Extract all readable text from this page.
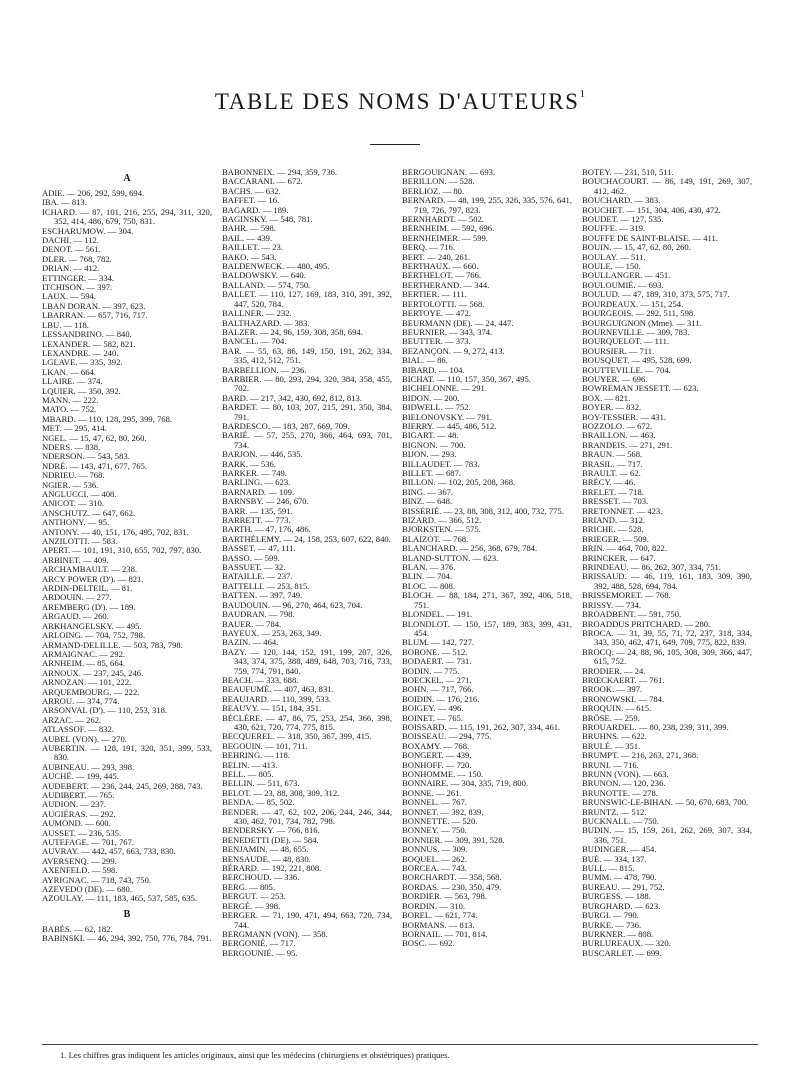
TABLE DES NOMS D'AUTEURS$^1$
A
ADIE. — 206, 292, 599, 694.
IBA. — 813.
ICHARD. — 87, 101, 216, 255, 294, 311, 320, 352, 414, 486, 679, 750, 831.
ESCHARUMOW. — 304.
DACHI. — 112.
DENOT. — 561.
DLER. — 768, 782.
DRIAN. — 412.
ETTINGER. — 334.
ITCHISON. — 397.
LAUX. — 594.
LBAN DORAN. — 397, 623.
LBARRAN. — 657, 716, 717.
LBU. — 118.
LESSANDRINO. — 840.
LEXANDER. — 582, 821.
LEXANDRE. — 240.
LGLAVE. — 335, 392.
LKAN. — 664.
LLAIRE. — 374.
LQUIER. — 350, 392.
MANN. — 222.
MATO. — 752.
MBARD. — 110, 128, 295, 399, 768.
MET. — 295, 414.
NGEL. — 15, 47, 62, 80, 260.
NDERS. — 838.
NDERSON. — 543, 583.
NDRÉ. — 143, 471, 677, 765.
NDRIEU. — 768.
NGIER. — 536.
ANGLUCCI. — 408.
ANICOT. — 310.
ANSCHUTZ. — 647, 662.
ANTHONY. — 95.
ANTONY. — 40, 151, 176, 495, 702, 831.
ANZILOTTI. — 583.
APERT. — 101, 191, 310, 655, 702, 797, 830.
ARBINET. — 409.
ARCHAMBAULT. — 238.
ARCY POWER (D'). — 821.
ARDIN-DELTEIL. — 81.
ARDOUIN. — 277.
AREMBERG (D'). — 189.
ARGAUD. — 260.
ARKHANGELSKY. — 495.
ARLOING. — 704, 752, 798.
ARMAND-DELILLE. — 503, 783, 798.
ARMAIGNAC. — 292.
ARNHEIM. — 85, 664.
ARNOUX. — 237, 245, 246.
ARNOZAN. — 101, 222.
ARQUEMBOURG. — 222.
ARROU. — 374, 774.
ARSONVAL (D'). — 110, 253, 318.
ARZAC. — 262.
ATLASSOF. — 832.
AUBEL (VON). — 270.
AUBERTIN. — 128, 191, 320, 351, 399, 533, 830.
AUBINEAU. — 293, 398.
AUCHÉ. — 199, 445.
AUDEBERT. — 236, 244, 245, 269, 288, 743.
AUDIBERT. — 765.
AUDION. — 237.
AUGIÉRAS. — 292.
AUMOND. — 600.
AUSSET. — 236, 535.
AUTEFAGE. — 701, 767.
AUVRAY. — 442, 457, 663, 733, 830.
AVERSENQ. — 299.
AXENFELD. — 598.
AYRIGNAC. — 718, 743, 750.
AZEVEDO (DE). — 680.
AZOULAY. — 111, 183, 465, 537, 585, 635.
B
BABÈS. — 62, 182.
BABINSKI. — 46, 294, 392, 750, 776, 784, 791.
BABONNEIX. — 294, 359, 736.
BACCARANI. — 672.
BACHS. — 632.
BAFFET. — 16.
BAGARD. — 189.
BAGINSKY. — 548, 781.
BAHR. — 598.
BAIL. — 439.
BAILLET. — 23.
BAKO. — 543.
BALDENWECK. — 480, 495.
BALDOWSKY. — 640.
BALLAND. — 574, 750.
BALLET. — 110, 127, 169, 183, 310, 391, 392, 447, 520, 784.
BALLNER. — 232.
BALTHAZARD. — 383.
BALZER. — 24, 96, 159, 308, 358, 694.
BANCEL. — 704.
BAR. — 55, 63, 86, 149, 150, 191, 262, 334, 335, 412, 512, 751.
BARBELLION. — 236.
BARBIER. — 80, 293, 294, 320, 384, 358, 455, 702.
BARD. — 217, 342, 430, 692, 812, 813.
BARDET. — 80, 103, 207, 215, 291, 350, 384, 791.
BARDESCO. — 183, 287, 669, 709.
BARIÉ. — 57, 255, 270, 366, 464, 693, 701, 734.
BARJON. — 446, 535.
BARK. — 536.
BARKER. — 749.
BARLING. — 623.
BARNARD. — 109.
BARNSBY. — 246, 670.
BARR. — 135, 591.
BARRETT. — 773.
BARTH. — 47, 176, 486.
BARTHÉLEMY. — 24, 158, 253, 607, 622, 840.
BASSET. — 47, 111.
BASSO. — 599.
BASSUET. — 32.
BATAILLE. — 237.
BATTELLI. — 253, 815.
BATTEN. — 397, 749.
BAUDOUIN. — 96, 270, 464, 623, 704.
BAUDRAN. — 798.
BAUER. — 784.
BAYEUX. — 253, 263, 349.
BAZIN. — 464.
BAZY. — 120, 144, 152, 191, 199, 207, 326, 343, 374, 375, 388, 489, 648, 703, 716, 733, 759, 774, 791, 840.
BEACH. — 333, 688.
BEAUFUMÉ. — 407, 463, 831.
BEAUJARD. — 110, 399, 533.
BEAUVY. — 151, 184, 351.
BÉCLÈRE. — 47, 86, 75, 253, 254, 366, 398, 430, 621, 720, 774, 775, 815.
BECQUEREL. — 318, 350, 367, 399, 415.
BEGOUIN. — 101, 711.
BEHRING. — 118.
BELIN. — 413.
BELL. — 805.
BELLIN. — 511, 673.
BELOT. — 23, 88, 308, 309, 312.
BENDA. — 85, 502.
BENDER. — 47, 62, 102, 206, 244, 246, 344, 430, 462, 701, 734, 782, 798.
BENDERSKY. — 766, 816.
BENEDETTI (DE). — 584.
BENJAMIN. — 48, 655.
BENSAUDE. — 48, 830.
BÉRARD. — 192, 221, 808.
BERCHOUD. — 336.
BERG. — 805.
BERGUT. — 253.
BERGÉ. — 398.
BERGER. — 71, 190, 471, 494, 663, 720, 734, 744.
BERGMANN (VON). — 358.
BERGONIÉ. — 717.
BERGOUNIÉ. — 95.
BERGOUIGNAN. — 693.
BERILLON. — 528.
BERLIOZ. — 80.
BERNARD. — 48, 199, 255, 326, 335, 576, 641, 719, 726, 797, 823.
BERNHARDT. — 502.
BERNHEIM. — 592, 696.
BERNHEIMER. — 599.
BERQ. — 716.
BERT. — 240, 261.
BERTHAUX. — 660.
BERTHELOT. — 766.
BERTHERAND. — 344.
BERTIER. — 111.
BERTOLOTTI. — 568.
BERTOYE. — 472.
BEURMANN (DE). — 24, 447.
BEURNIER. — 343, 374.
BEUTTER. — 373.
BEZANÇON. — 9, 272, 413.
BIAL. — 86.
BIBARD. — 104.
BICHAT. — 110, 157, 350, 367, 495.
BICHELONNE. — 291.
BIDON. — 200.
BIDWELL. — 752.
BIELONOVSKY. — 791.
BIERRY. — 445, 486, 512.
BIGART. — 48.
BIGNON. — 700.
BIJON. — 293.
BILLAUDET. — 783.
BILLET. — 687.
BILLON. — 102, 205, 208, 368.
BING. — 367.
BINZ. — 648.
BISSÉRIÉ. — 23, 88, 308, 312, 400, 732, 775.
BIZARD. — 366, 512.
BJORKSTEN. — 575.
BLAIZOT. — 768.
BLANCHARD. — 256, 368, 679, 784.
BLAND-SUTTON. — 623.
BLAN. — 376.
BLIN. — 704.
BLOC. — 808.
BLOCH. — 88, 184, 271, 367, 392, 406, 518, 751.
BLONDEL. — 191.
BLONDLOT. — 150, 157, 189, 383, 399, 431, 454.
BLUM. — 142, 727.
BOBONE. — 512.
BODAERT. — 731.
BODIN. — 775.
BOECKEL. — 271.
BOHN. — 717, 766.
BOIDIN. — 176, 216.
BOIGEY. — 496.
BOINET. — 765.
BOISSARD. — 115, 191, 262, 307, 334, 461.
BOISSEAU. — 294, 775.
BOXAMY. — 768.
BONGERT. — 439.
BONHOFF. — 720.
BONHOMME. — 150.
BONNAIRE. — 304, 335, 719, 800.
BONNE. — 261.
BONNEL. — 767.
BONNET. — 392, 839.
BONNETTE. — 520.
BONNEY. — 750.
BONNIER. — 309, 391, 528.
BONNUS. — 309.
BOQUEL. — 262.
BORCEA. — 743.
BORCHARDT. — 358, 568.
BORDAS. — 230, 350, 479.
BORDIER. — 563, 798.
BORDIN. — 310.
BOREL. — 621, 774.
BORMANS. — 813.
BORNAIL. — 701, 814.
BOSC. — 692.
BOTEY. — 231, 510, 511.
BOUCHACOURT. — 86, 149, 191, 269, 307, 412, 462.
BOUCHARD. — 383.
BOUCHET. — 151, 304, 406, 430, 472.
BOUDET. — 127, 535.
BOUFFE. — 319.
BOUFFE DE SAINT-BLAISE. — 411.
BOUIN. — 15, 47, 62, 80, 260.
BOULAY. — 511.
BOULE. — 150.
BOULLANGER. — 451.
BOULOUMIÉ. — 693.
BOULUD. — 47, 189, 310, 373, 575, 717.
BOURDEAUX. — 151, 254.
BOURGEOIS. — 292, 511, 598.
BOURGUIGNON (Mme). — 311.
BOURNEVILLE. — 309, 783.
BOURQUELOT. — 111.
BOURSIER. — 711.
BOUSQUET. — 495, 528, 699.
BOUTTEVILLE. — 704.
BOUYER. — 696.
BOWREMAN JESSETT. — 623.
BOX. — 821.
BOYER. — 832.
BOY-TESSIER. — 431.
BOZZOLO. — 672.
BRAILLON. — 463.
BRANDEIS. — 271, 291.
BRAUN. — 568.
BRASIL. — 717.
BRAULT. — 62.
BRÉCY. — 46.
BRELET. — 718.
BRESSET. — 703.
BRETONNET. — 423.
BRIAND. — 312.
BRICHE. — 528.
BRIEGER. — 509.
BRIN. — 464, 700, 822.
BRINCKER. — 647.
BRINDEAU. — 86, 262, 307, 334, 751.
BRISSAUD. — 46, 119, 161, 183, 309, 390, 392, 488, 528, 694, 784.
BRISSEMORET. — 768.
BRISSY. — 734.
BROADBENT. — 591, 750.
BROADDUS PRITCHARD. — 280.
BROCA. — 31, 39, 55, 71, 72, 237, 318, 334, 343, 350, 462, 471, 649, 709, 775, 822, 839.
BROCQ. — 24, 88, 96, 105, 308, 309, 366, 447, 615, 752.
BRODIER. — 24.
BRŒCKAERT. — 761.
BROOK. — 397.
BRONOWSKI. — 784.
BROQUIN. — 615.
BRÖSE. — 259.
BROUARDEL. — 80, 238, 239, 311, 399.
BRUHNS. — 622.
BRULÉ. — 351.
BRUMPT. — 216, 263, 271, 368.
BRUNI. — 716.
BRUNN (VON). — 663.
BRUNON. — 120, 236.
BRUNOTTE. — 278.
BRUNSWIC-LE-BIHAN. — 50, 670, 683, 700.
BRUNTZ. — 512.
BUCKNALL. — 750.
BUDIN. — 15, 159, 261, 262, 269, 307, 334, 336, 751.
BUDINGER. — 454.
BUÉ. — 334, 137.
BULL. — 815.
BUMM. — 478, 790.
BUREAU. — 291, 752.
BURGESS. — 188.
BURGHARD. — 623.
BURGI. — 790.
BURKE. — 736.
BURKNER. — 808.
BURLUREAUX. — 320.
BUSCARLET. — 699.
1. Les chiffres gras indiquent les articles originaux, ainsi que les médecins (chirurgiens et obstétriques) pratiques.
